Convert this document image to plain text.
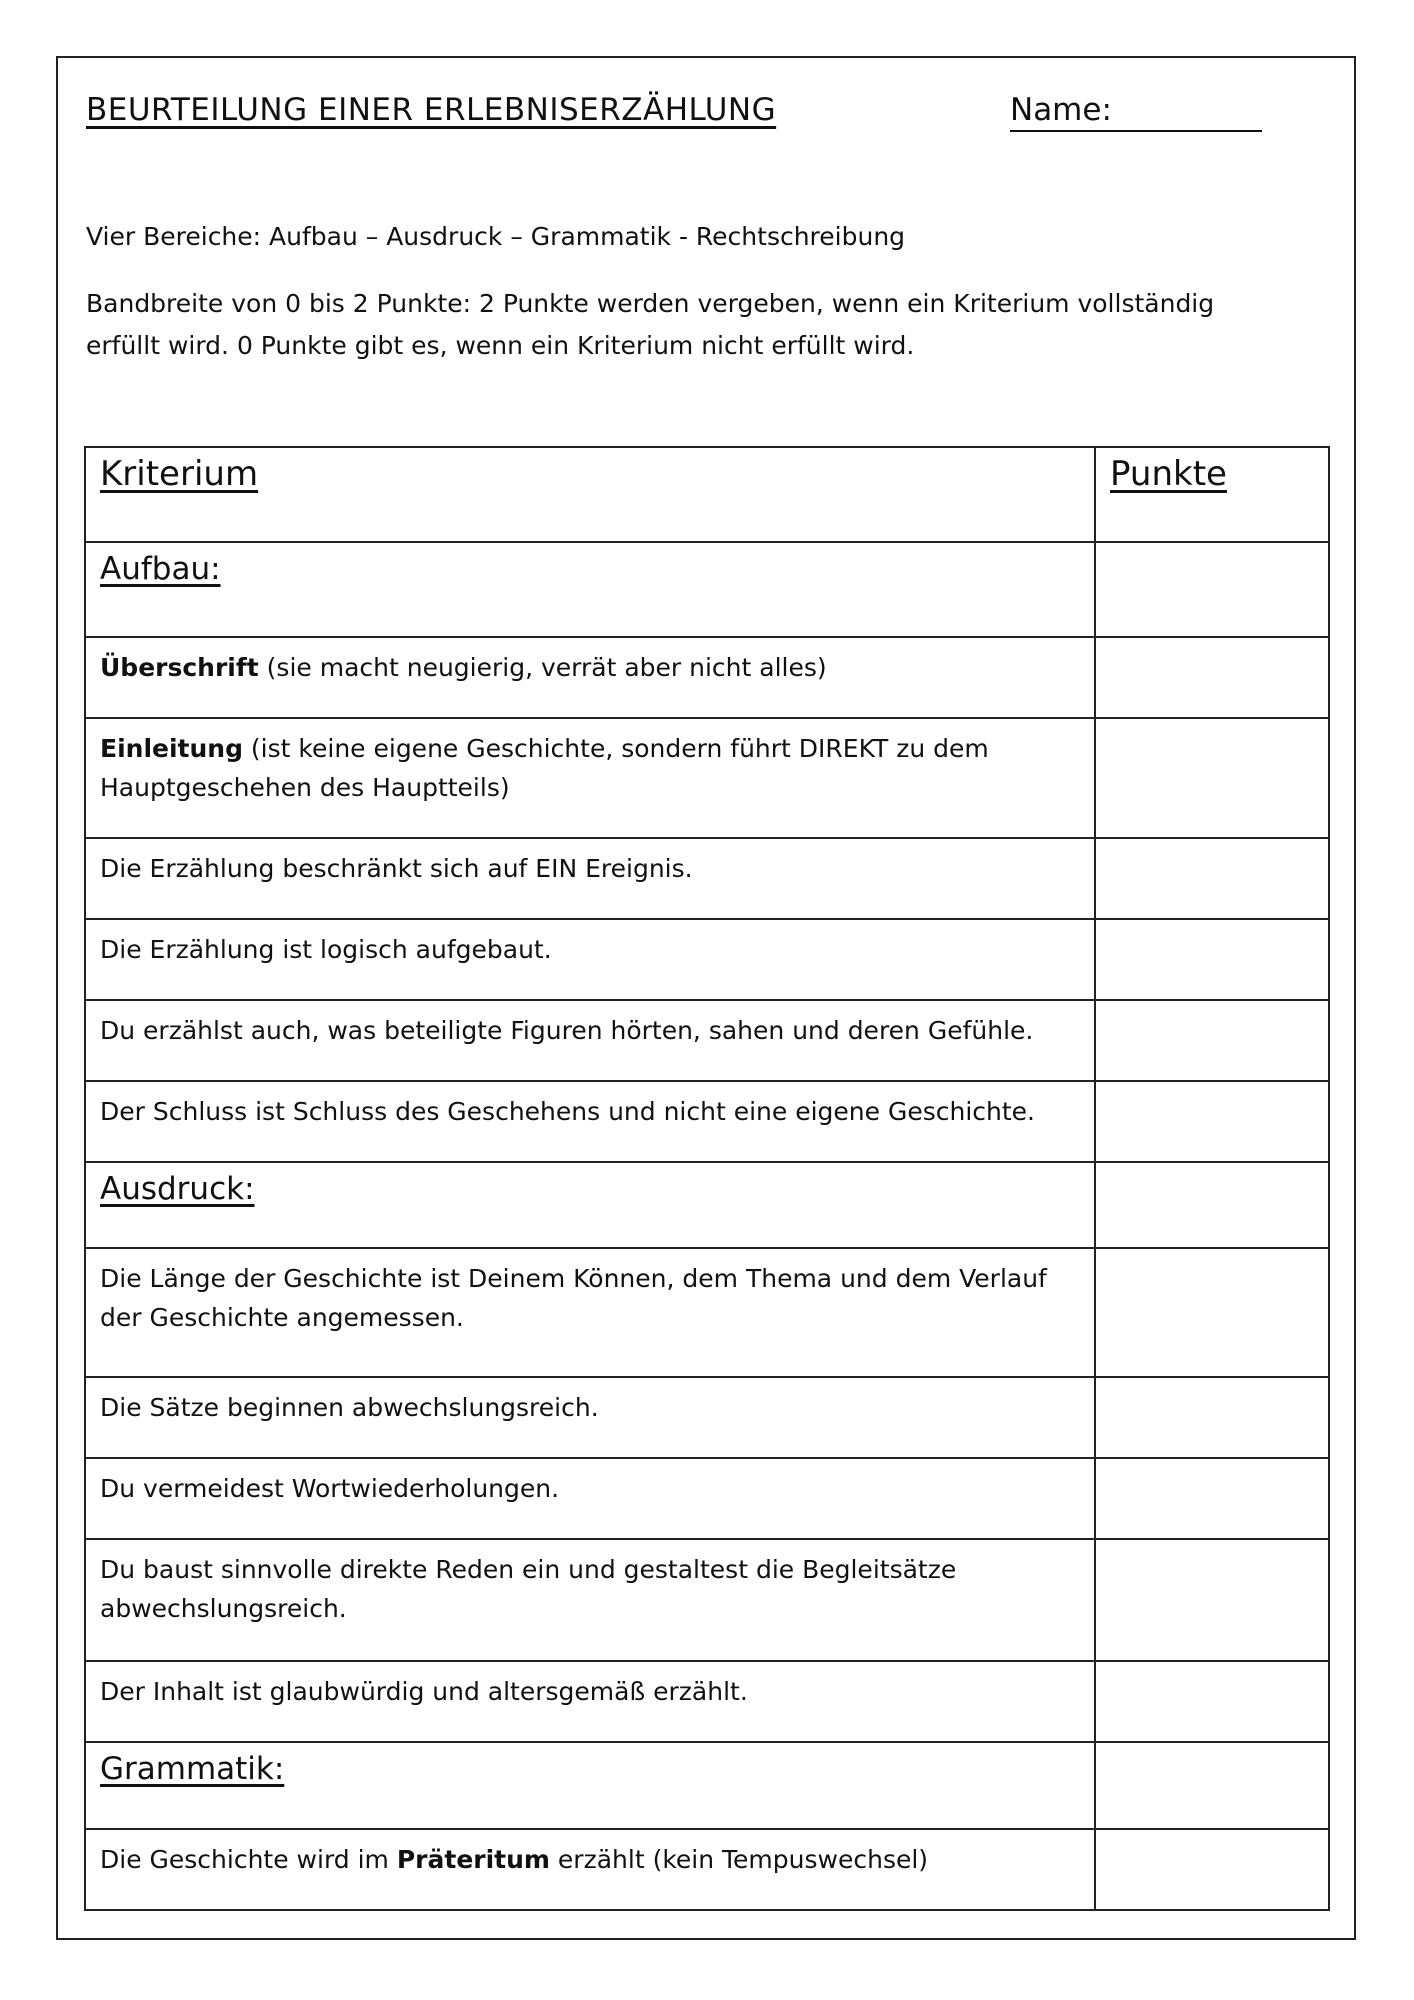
BEURTEILUNG EINER ERLEBNISERZÄHLUNG	Name:
Vier Bereiche: Aufbau – Ausdruck – Grammatik - Rechtschreibung
Bandbreite von 0 bis 2 Punkte: 2 Punkte werden vergeben, wenn ein Kriterium vollständig erfüllt wird. 0 Punkte gibt es, wenn ein Kriterium nicht erfüllt wird.
Kriterium	Punkte
Aufbau:	
Überschrift (sie macht neugierig, verrät aber nicht alles)	
Einleitung (ist keine eigene Geschichte, sondern führt DIREKT zu dem Hauptgeschehen des Hauptteils)	
Die Erzählung beschränkt sich auf EIN Ereignis.	
Die Erzählung ist logisch aufgebaut.	
Du erzählst auch, was beteiligte Figuren hörten, sahen und deren Gefühle.	
Der Schluss ist Schluss des Geschehens und nicht eine eigene Geschichte.	
Ausdruck:	
Die Länge der Geschichte ist Deinem Können, dem Thema und dem Verlauf der Geschichte angemessen.	
Die Sätze beginnen abwechslungsreich.	
Du vermeidest Wortwiederholungen.	
Du baust sinnvolle direkte Reden ein und gestaltest die Begleitsätze abwechslungsreich.	
Der Inhalt ist glaubwürdig und altersgemäß erzählt.	
Grammatik:	
Die Geschichte wird im Präteritum erzählt (kein Tempuswechsel)	
